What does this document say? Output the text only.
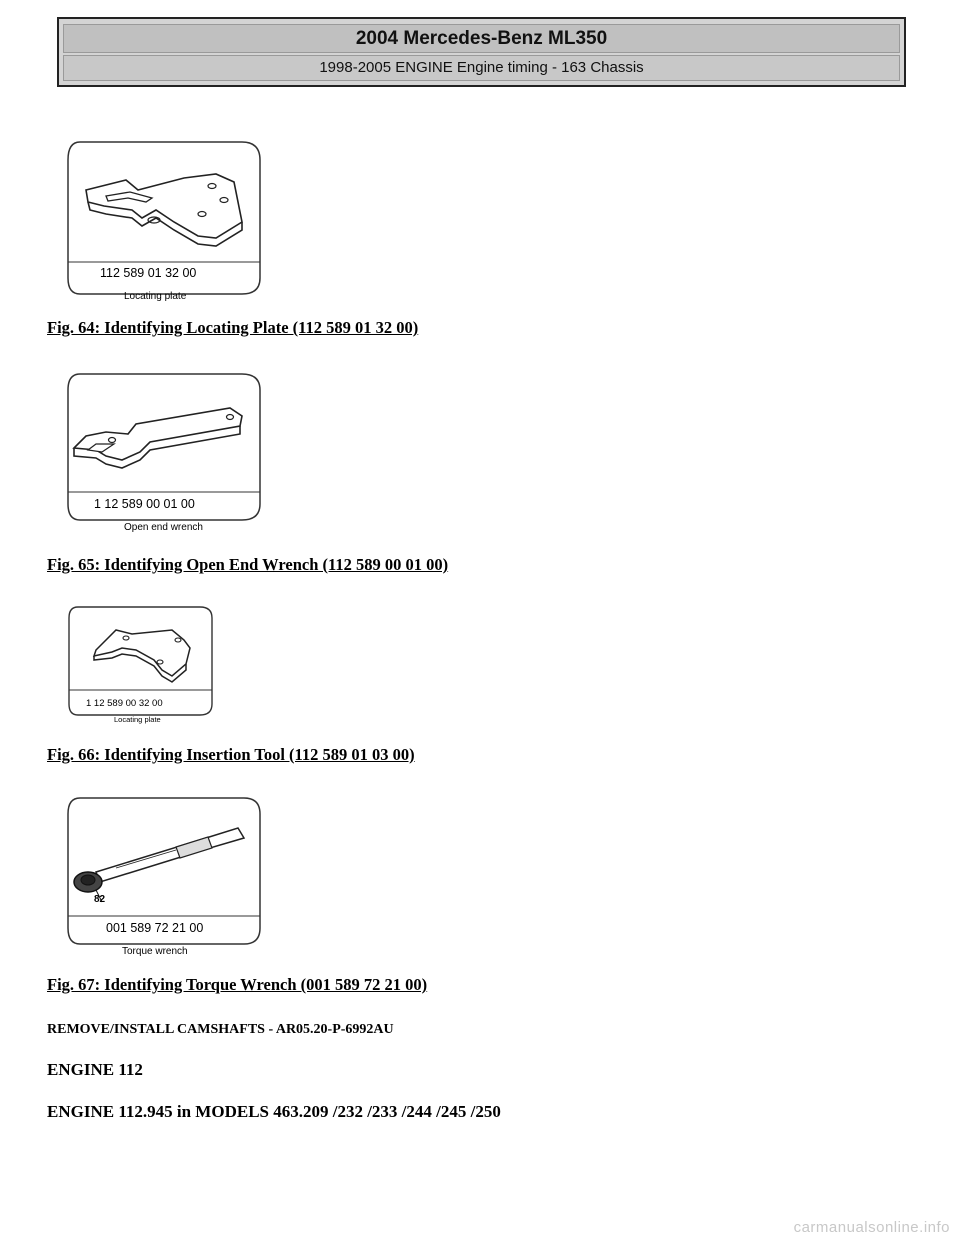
2004 Mercedes-Benz ML350
1998-2005 ENGINE Engine timing - 163 Chassis
112 589 01 32 00
Locating plate
Fig. 64: Identifying Locating Plate (112 589 01 32 00)
1 12 589 00 01 00
Open end wrench
Fig. 65: Identifying Open End Wrench (112 589 00 01 00)
1 12 589 00 32 00
Locating plate
Fig. 66: Identifying Insertion Tool (112 589 01 03 00)
82
001 589 72 21 00
Torque wrench
Fig. 67: Identifying Torque Wrench (001 589 72 21 00)
REMOVE/INSTALL CAMSHAFTS - AR05.20-P-6992AU
ENGINE 112
ENGINE 112.945 in MODELS 463.209 /232 /233 /244 /245 /250
carmanualsonline.info
